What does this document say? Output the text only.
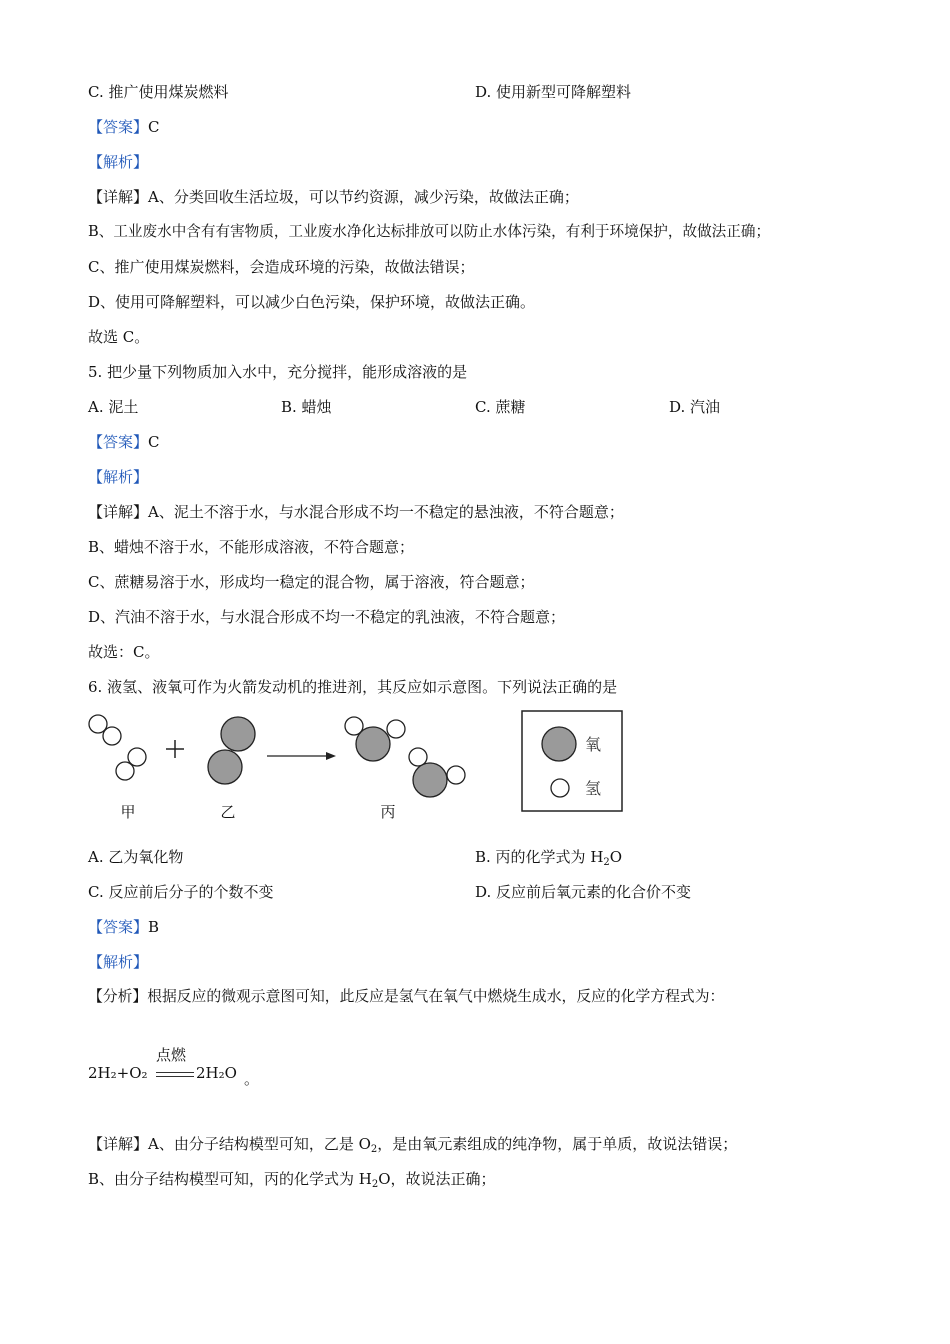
C. 推广使用煤炭燃料	D. 使用新型可降解塑料
【答案】C
【解析】
【详解】A、分类回收生活垃圾，可以节约资源，减少污染，故做法正确；
B、工业废水中含有有害物质，工业废水净化达标排放可以防止水体污染，有利于环境保护，故做法正确；
C、推广使用煤炭燃料，会造成环境的污染，故做法错误；
D、使用可降解塑料，可以减少白色污染，保护环境，故做法正确。
故选 C。
5. 把少量下列物质加入水中，充分搅拌，能形成溶液的是
A. 泥土	B. 蜡烛	C. 蔗糖	D. 汽油
【答案】C
【解析】
【详解】A、泥土不溶于水，与水混合形成不均一不稳定的悬浊液，不符合题意；
B、蜡烛不溶于水，不能形成溶液，不符合题意；
C、蔗糖易溶于水，形成均一稳定的混合物，属于溶液，符合题意；
D、汽油不溶于水，与水混合形成不均一不稳定的乳浊液，不符合题意；
故选：C。
6. 液氢、液氧可作为火箭发动机的推进剂，其反应如示意图。下列说法正确的是
甲	乙	丙
氧
氢
A. 乙为氧化物	B. 丙的化学式为 $H_2O$
C. 反应前后分子的个数不变	D. 反应前后氧元素的化合价不变
【答案】B
【解析】
【分析】根据反应的微观示意图可知，此反应是氢气在氧气中燃烧生成水，反应的化学方程式为：
2H₂+O₂
点燃
2H₂O 。
【详解】A、由分子结构模型可知，乙是 $O_2$，是由氧元素组成的纯净物，属于单质，故说法错误；
B、由分子结构模型可知，丙的化学式为 $H_2O$，故说法正确；
